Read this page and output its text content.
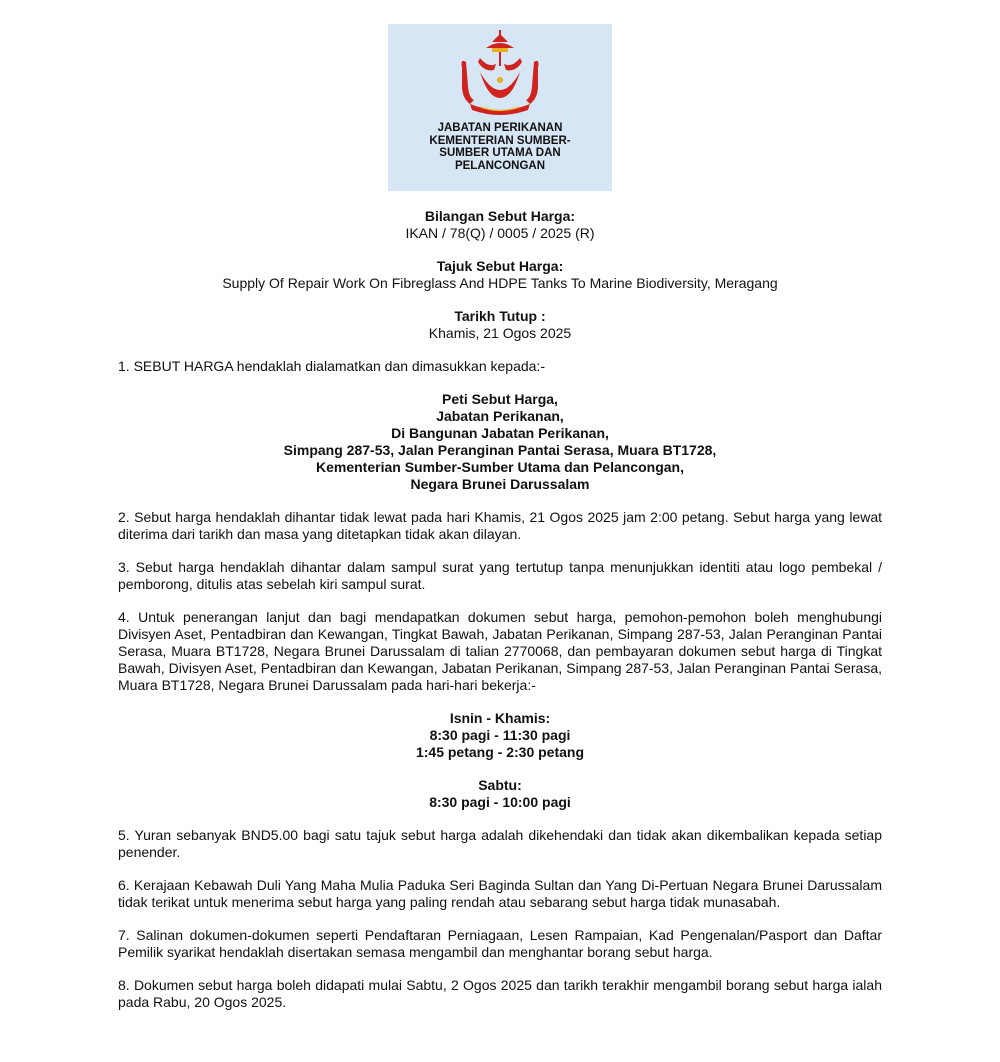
JABATAN PERIKANAN
KEMENTERIAN SUMBER-
SUMBER UTAMA DAN
PELANCONGAN
Bilangan Sebut Harga:
IKAN / 78(Q) / 0005 / 2025 (R)
Tajuk Sebut Harga:
Supply Of Repair Work On Fibreglass And HDPE Tanks To Marine Biodiversity, Meragang
Tarikh Tutup :
Khamis, 21 Ogos 2025

1. SEBUT HARGA hendaklah dialamatkan dan dimasukkan kepada:-

Peti Sebut Harga,
Jabatan Perikanan,
Di Bangunan Jabatan Perikanan,
Simpang 287-53, Jalan Peranginan Pantai Serasa, Muara BT1728,
Kementerian Sumber-Sumber Utama dan Pelancongan,
Negara Brunei Darussalam

2. Sebut harga hendaklah dihantar tidak lewat pada hari Khamis, 21 Ogos 2025 jam 2:00 petang. Sebut harga yang lewat diterima dari tarikh dan masa yang ditetapkan tidak akan dilayan.

3. Sebut harga hendaklah dihantar dalam sampul surat yang tertutup tanpa menunjukkan identiti atau logo pembekal / pemborong, ditulis atas sebelah kiri sampul surat.

4. Untuk penerangan lanjut dan bagi mendapatkan dokumen sebut harga, pemohon-pemohon boleh menghubungi Divisyen Aset, Pentadbiran dan Kewangan, Tingkat Bawah, Jabatan Perikanan, Simpang 287-53, Jalan Peranginan Pantai Serasa, Muara BT1728, Negara Brunei Darussalam di talian 2770068, dan pembayaran dokumen sebut harga di Tingkat Bawah, Divisyen Aset, Pentadbiran dan Kewangan, Jabatan Perikanan, Simpang 287-53, Jalan Peranginan Pantai Serasa, Muara BT1728, Negara Brunei Darussalam pada hari-hari bekerja:-

Isnin - Khamis:
8:30 pagi - 11:30 pagi
1:45 petang - 2:30 petang
Sabtu:
8:30 pagi - 10:00 pagi

5. Yuran sebanyak BND5.00 bagi satu tajuk sebut harga adalah dikehendaki dan tidak akan dikembalikan kepada setiap penender.

6. Kerajaan Kebawah Duli Yang Maha Mulia Paduka Seri Baginda Sultan dan Yang Di-Pertuan Negara Brunei Darussalam tidak terikat untuk menerima sebut harga yang paling rendah atau sebarang sebut harga tidak munasabah.

7. Salinan dokumen-dokumen seperti Pendaftaran Perniagaan, Lesen Rampaian, Kad Pengenalan/Pasport dan Daftar Pemilik syarikat hendaklah disertakan semasa mengambil dan menghantar borang sebut harga.

8. Dokumen sebut harga boleh didapati mulai Sabtu, 2 Ogos 2025 dan tarikh terakhir mengambil borang sebut harga ialah pada Rabu, 20 Ogos 2025.
